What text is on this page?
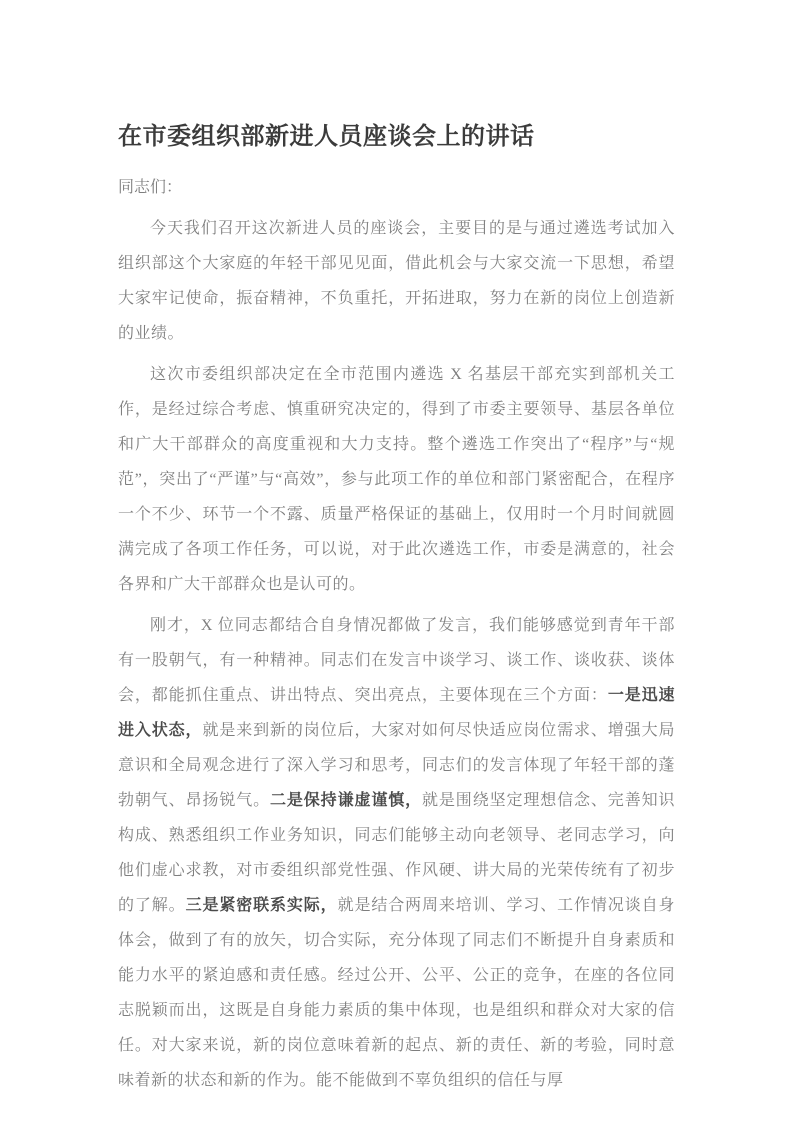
在市委组织部新进人员座谈会上的讲话

同志们：

今天我们召开这次新进人员的座谈会，主要目的是与通过遴选考试加入组织部这个大家庭的年轻干部见见面，借此机会与大家交流一下思想，希望大家牢记使命，振奋精神，不负重托，开拓进取，努力在新的岗位上创造新的业绩。

这次市委组织部决定在全市范围内遴选 X 名基层干部充实到部机关工作，是经过综合考虑、慎重研究决定的，得到了市委主要领导、基层各单位和广大干部群众的高度重视和大力支持。整个遴选工作突出了“程序”与“规范”，突出了“严谨”与“高效”，参与此项工作的单位和部门紧密配合，在程序一个不少、环节一个不露、质量严格保证的基础上，仅用时一个月时间就圆满完成了各项工作任务，可以说，对于此次遴选工作，市委是满意的，社会各界和广大干部群众也是认可的。

刚才，X 位同志都结合自身情况都做了发言，我们能够感觉到青年干部有一股朝气，有一种精神。同志们在发言中谈学习、谈工作、谈收获、谈体会，都能抓住重点、讲出特点、突出亮点，主要体现在三个方面：一是迅速进入状态，就是来到新的岗位后，大家对如何尽快适应岗位需求、增强大局意识和全局观念进行了深入学习和思考，同志们的发言体现了年轻干部的蓬勃朝气、昂扬锐气。二是保持谦虚谨慎，就是围绕坚定理想信念、完善知识构成、熟悉组织工作业务知识，同志们能够主动向老领导、老同志学习，向他们虚心求教，对市委组织部党性强、作风硬、讲大局的光荣传统有了初步的了解。三是紧密联系实际，就是结合两周来培训、学习、工作情况谈自身体会，做到了有的放矢，切合实际，充分体现了同志们不断提升自身素质和能力水平的紧迫感和责任感。经过公开、公平、公正的竞争，在座的各位同志脱颖而出，这既是自身能力素质的集中体现，也是组织和群众对大家的信任。对大家来说，新的岗位意味着新的起点、新的责任、新的考验，同时意味着新的状态和新的作为。能不能做到不辜负组织的信任与厚
